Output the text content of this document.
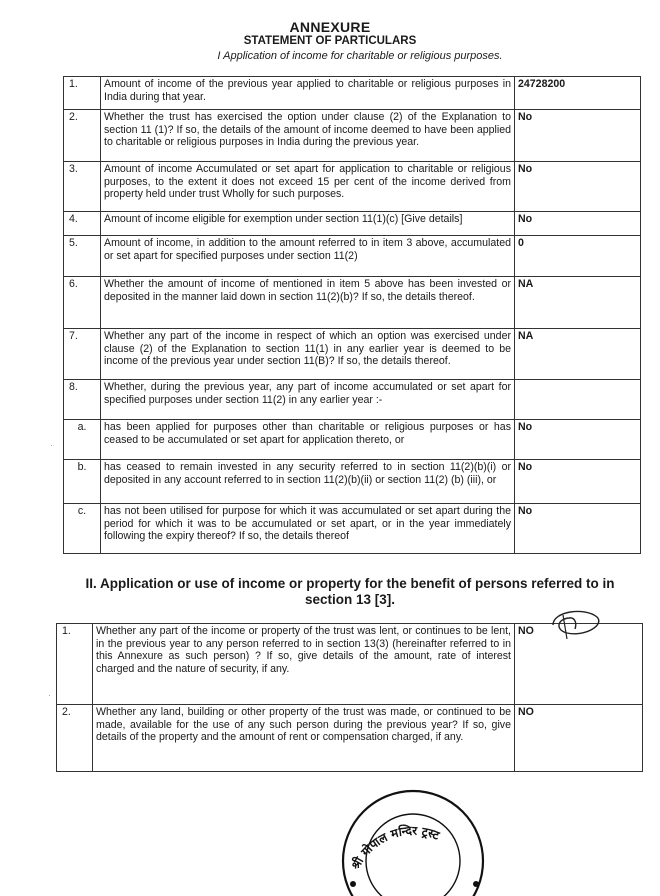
ANNEXURE
STATEMENT OF PARTICULARS
I Application of income for charitable or religious purposes.
1.	Amount of income of the previous year applied to charitable or religious purposes in India during that year.	24728200
2.	Whether the trust has exercised the option under clause (2) of the Explanation to section 11 (1)? If so, the details of the amount of income deemed to have been applied to charitable or religious purposes in India during the previous year.	No
3.	Amount of income Accumulated or set apart for application to charitable or religious purposes, to the extent it does not exceed 15 per cent of the income derived from property held under trust Wholly for such purposes.	No
4.	Amount of income eligible for exemption under section 11(1)(c) [Give details]	No
5.	Amount of income, in addition to the amount referred to in item 3 above, accumulated or set apart for specified purposes under section 11(2)	0
6.	Whether the amount of income of mentioned in item 5 above has been invested or deposited in the manner laid down in section 11(2)(b)? If so, the details thereof.	NA
7.	Whether any part of the income in respect of which an option was exercised under clause (2) of the Explanation to section 11(1) in any earlier year is deemed to be income of the previous year under section 11(B)? If so, the details thereof.	NA
8.	Whether, during the previous year, any part of income accumulated or set apart for specified purposes under section 11(2) in any earlier year :-	
a.	has been applied for purposes other than charitable or religious purposes or has ceased to be accumulated or set apart for application thereto, or	No
b.	has ceased to remain invested in any security referred to in section 11(2)(b)(i) or deposited in any account referred to in section 11(2)(b)(ii) or section 11(2) (b) (iii), or	No
c.	has not been utilised for purpose for which it was accumulated or set apart during the period for which it was to be accumulated or set apart, or in the year immediately following the expiry thereof? If so, the details thereof	No
II. Application or use of income or property for the benefit of persons referred to in
section 13 [3].
1.	Whether any part of the income or property of the trust was lent, or continues to be lent, in the previous year to any person referred to in section 13(3) (hereinafter referred to in this Annexure as such person) ? If so, give details of the amount, rate of interest charged and the nature of security, if any.	NO
2.	Whether any land, building or other property of the trust was made, or continued to be made, available for the use of any such person during the previous year? If so, give details of the property and the amount of rent or compensation charged, if any.	NO
श्री गोपाल मन्दिर ट्रस्ट
·
·
